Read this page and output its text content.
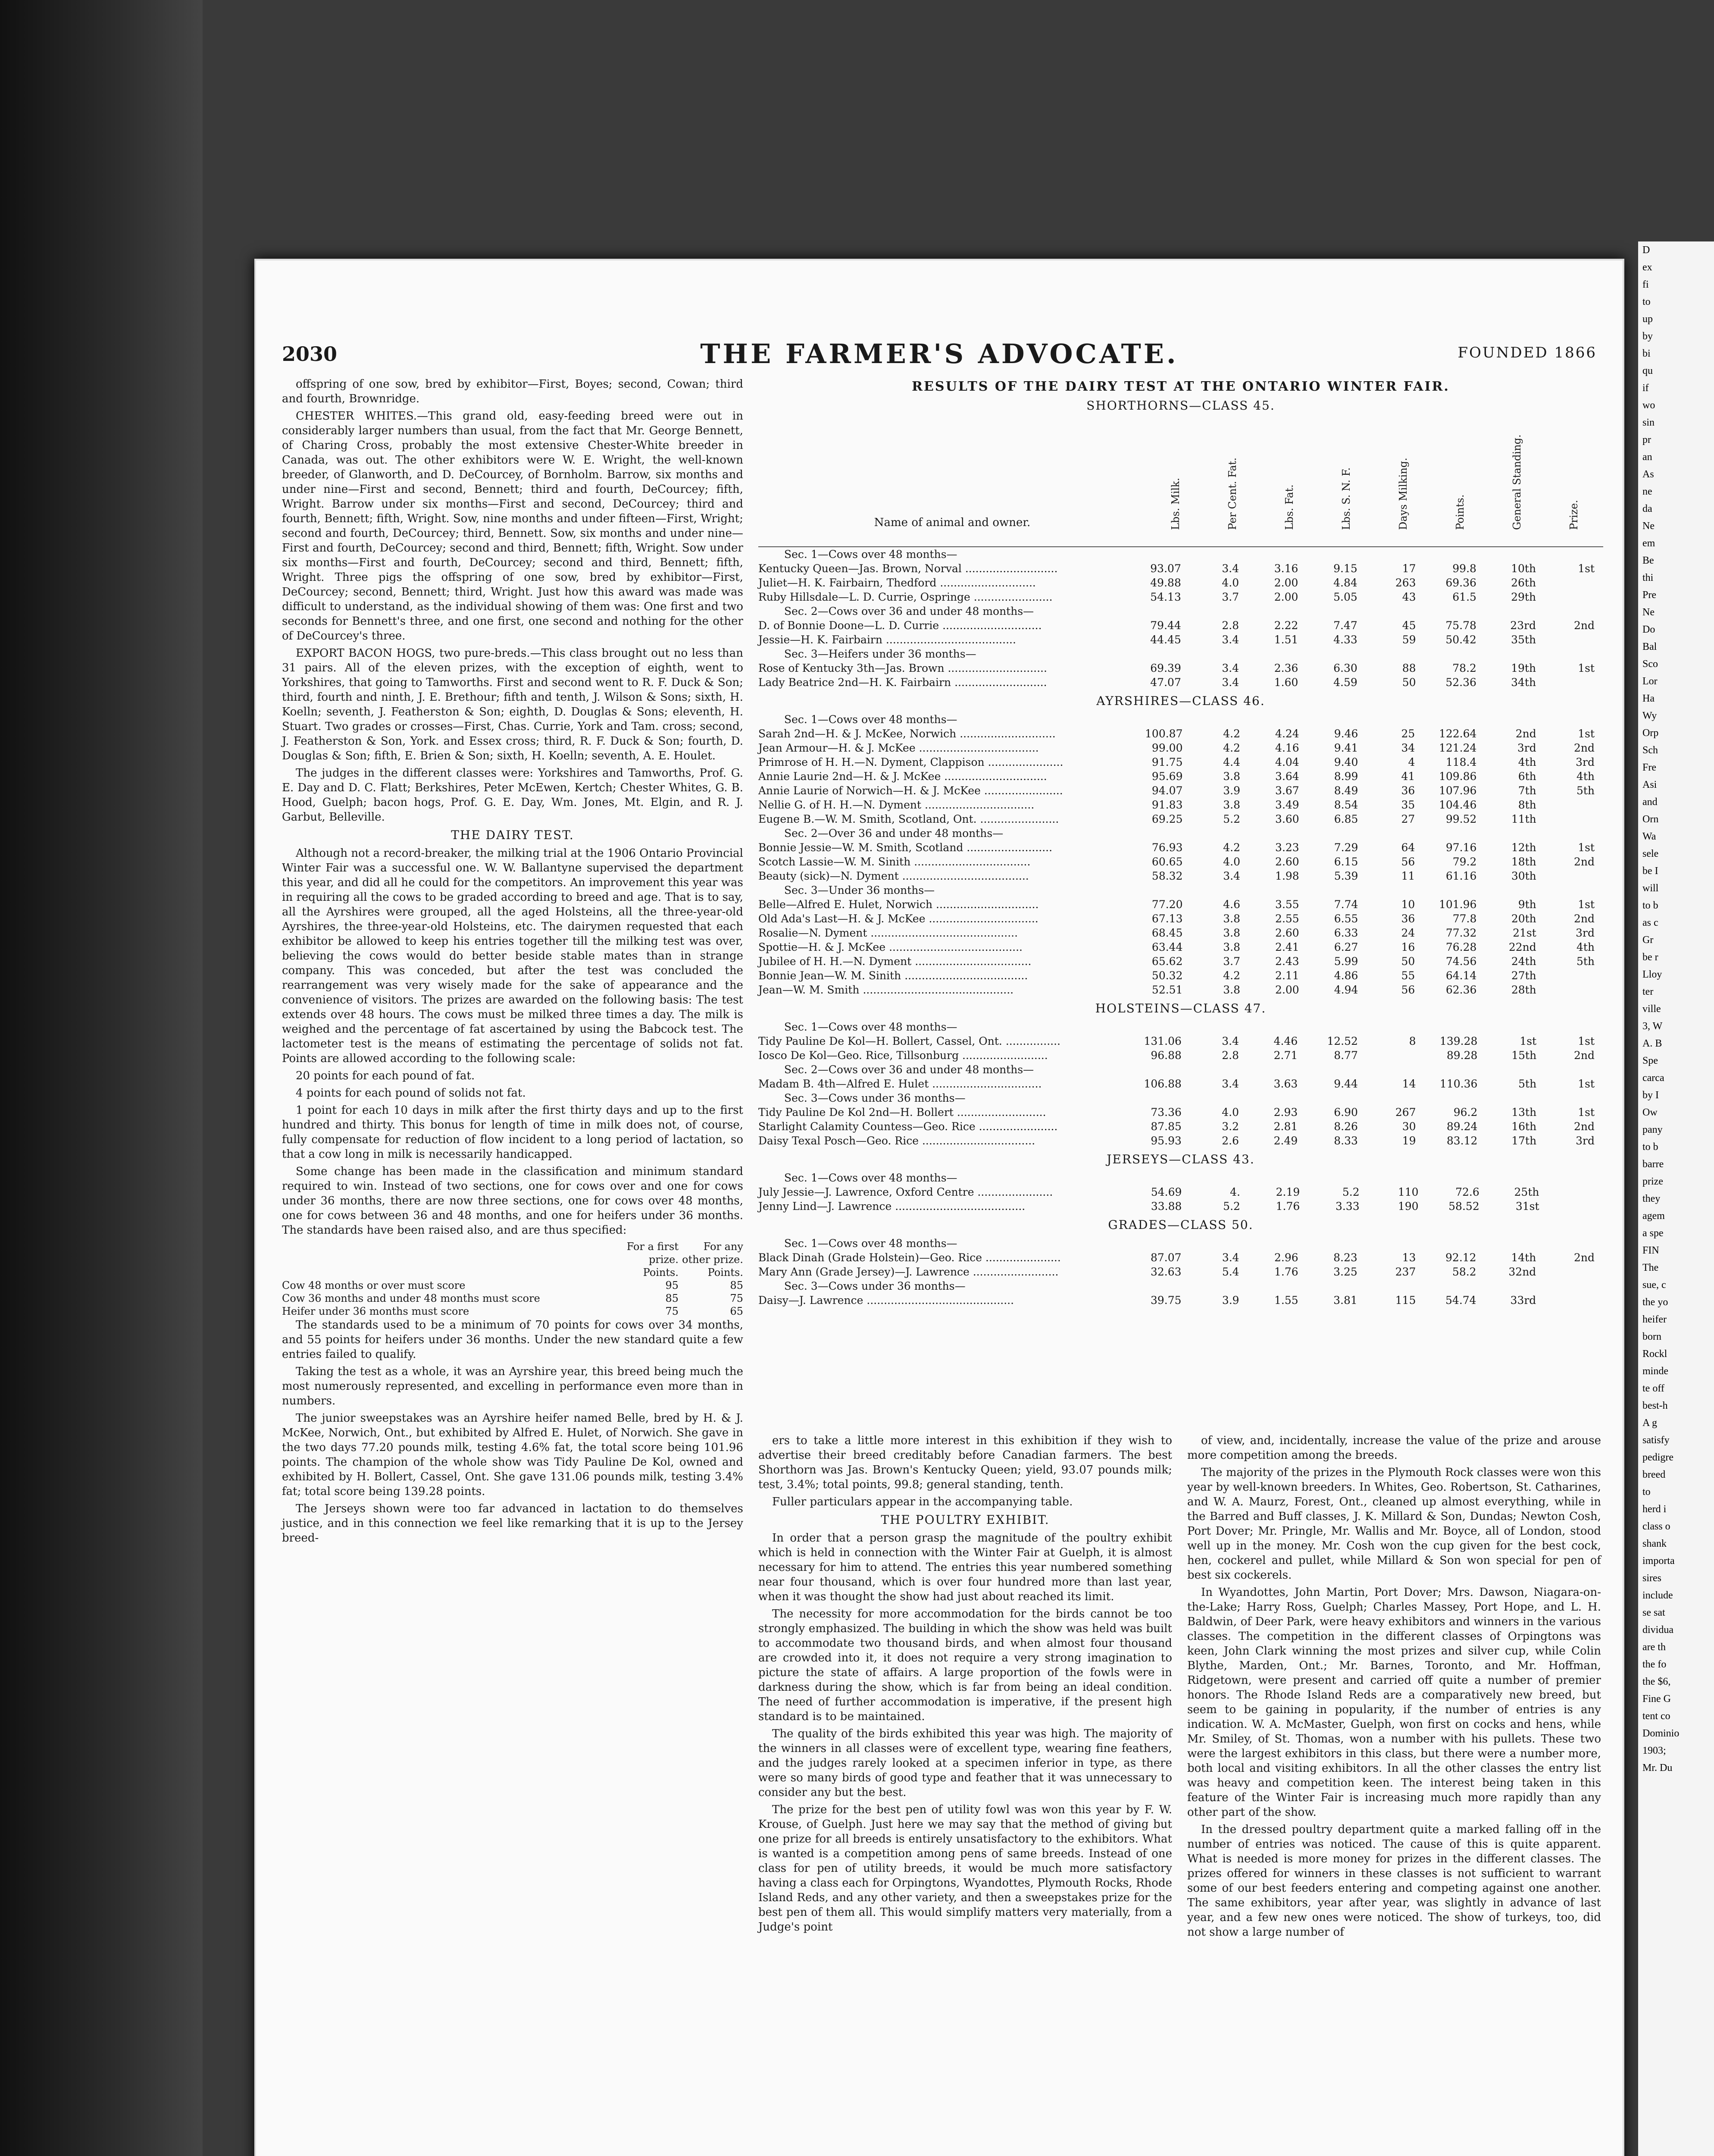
2030	THE FARMER'S ADVOCATE.	FOUNDED 1866

offspring of one sow, bred by exhibitor—First, Boyes; second, Cowan; third and fourth, Brownridge.

CHESTER WHITES.—This grand old, easy-feeding breed were out in considerably larger numbers than usual, from the fact that Mr. George Bennett, of Charing Cross, probably the most extensive Chester-White breeder in Canada, was out. The other exhibitors were W. E. Wright, the well-known breeder, of Glanworth, and D. DeCourcey, of Bornholm. Barrow, six months and under nine—First and second, Bennett; third and fourth, DeCourcey; fifth, Wright. Barrow under six months—First and second, DeCourcey; third and fourth, Bennett; fifth, Wright. Sow, nine months and under fifteen—First, Wright; second and fourth, DeCourcey; third, Bennett. Sow, six months and under nine—First and fourth, DeCourcey; second and third, Bennett; fifth, Wright. Sow under six months—First and fourth, DeCourcey; second and third, Bennett; fifth, Wright. Three pigs the offspring of one sow, bred by exhibitor—First, DeCourcey; second, Bennett; third, Wright. Just how this award was made was difficult to understand, as the individual showing of them was: One first and two seconds for Bennett's three, and one first, one second and nothing for the other of DeCourcey's three.

EXPORT BACON HOGS, two pure-breds.—This class brought out no less than 31 pairs. All of the eleven prizes, with the exception of eighth, went to Yorkshires, that going to Tamworths. First and second went to R. F. Duck & Son; third, fourth and ninth, J. E. Brethour; fifth and tenth, J. Wilson & Sons; sixth, H. Koelln; seventh, J. Featherston & Son; eighth, D. Douglas & Sons; eleventh, H. Stuart. Two grades or crosses—First, Chas. Currie, York and Tam. cross; second, J. Featherston & Son, York. and Essex cross; third, R. F. Duck & Son; fourth, D. Douglas & Son; fifth, E. Brien & Son; sixth, H. Koelln; seventh, A. E. Houlet.

The judges in the different classes were: Yorkshires and Tamworths, Prof. G. E. Day and D. C. Flatt; Berkshires, Peter McEwen, Kertch; Chester Whites, G. B. Hood, Guelph; bacon hogs, Prof. G. E. Day, Wm. Jones, Mt. Elgin, and R. J. Garbut, Belleville.

THE DAIRY TEST.

Although not a record-breaker, the milking trial at the 1906 Ontario Provincial Winter Fair was a successful one. W. W. Ballantyne supervised the department this year, and did all he could for the competitors. An improvement this year was in requiring all the cows to be graded according to breed and age. That is to say, all the Ayrshires were grouped, all the aged Holsteins, all the three-year-old Ayrshires, the three-year-old Holsteins, etc. The dairymen requested that each exhibitor be allowed to keep his entries together till the milking test was over, believing the cows would do better beside stable mates than in strange company. This was conceded, but after the test was concluded the rearrangement was very wisely made for the sake of appearance and the convenience of visitors. The prizes are awarded on the following basis: The test extends over 48 hours. The cows must be milked three times a day. The milk is weighed and the percentage of fat ascertained by using the Babcock test. The lactometer test is the means of estimating the percentage of solids not fat. Points are allowed according to the following scale:

20 points for each pound of fat.

4 points for each pound of solids not fat.

1 point for each 10 days in milk after the first thirty days and up to the first hundred and thirty. This bonus for length of time in milk does not, of course, fully compensate for reduction of flow incident to a long period of lactation, so that a cow long in milk is necessarily handicapped.

Some change has been made in the classification and minimum standard required to win. Instead of two sections, one for cows over and one for cows under 36 months, there are now three sections, one for cows over 48 months, one for cows between 36 and 48 months, and one for heifers under 36 months. The standards have been raised also, and are thus specified:

For a first prize. Points.
For any other prize. Points.
Cow 48 months or over must score	95	85
Cow 36 months and under 48 months must score	85	75
Heifer under 36 months must score	75	65

The standards used to be a minimum of 70 points for cows over 34 months, and 55 points for heifers under 36 months. Under the new standard quite a few entries failed to qualify.

Taking the test as a whole, it was an Ayrshire year, this breed being much the most numerously represented, and excelling in performance even more than in numbers.

The junior sweepstakes was an Ayrshire heifer named Belle, bred by H. & J. McKee, Norwich, Ont., but exhibited by Alfred E. Hulet, of Norwich. She gave in the two days 77.20 pounds milk, testing 4.6% fat, the total score being 101.96 points. The champion of the whole show was Tidy Pauline De Kol, owned and exhibited by H. Bollert, Cassel, Ont. She gave 131.06 pounds milk, testing 3.4% fat; total score being 139.28 points.

The Jerseys shown were too far advanced in lactation to do themselves justice, and in this connection we feel like remarking that it is up to the Jersey breed-

RESULTS OF THE DAIRY TEST AT THE ONTARIO WINTER FAIR.
SHORTHORNS—CLASS 45.
Name of animal and owner.	Lbs. Milk.	Per Cent. Fat.	Lbs. Fat.	Lbs. S. N. F.	Days Milking.	Points.	General Standing.	Prize.
Sec. 1—Cows over 48 months—								
Kentucky Queen—Jas. Brown, Norval ...........................	93.07	3.4	3.16	9.15	17	99.8	10th	1st
Juliet—H. K. Fairbairn, Thedford ............................	49.88	4.0	2.00	4.84	263	69.36	26th	
Ruby Hillsdale—L. D. Currie, Ospringe .......................	54.13	3.7	2.00	5.05	43	61.5	29th	
Sec. 2—Cows over 36 and under 48 months—								
D. of Bonnie Doone—L. D. Currie .............................	79.44	2.8	2.22	7.47	45	75.78	23rd	2nd
Jessie—H. K. Fairbairn ......................................	44.45	3.4	1.51	4.33	59	50.42	35th	
Sec. 3—Heifers under 36 months—								
Rose of Kentucky 3th—Jas. Brown .............................	69.39	3.4	2.36	6.30	88	78.2	19th	1st
Lady Beatrice 2nd—H. K. Fairbairn ...........................	47.07	3.4	1.60	4.59	50	52.36	34th	
AYRSHIRES—CLASS 46.
Sec. 1—Cows over 48 months—								
Sarah 2nd—H. & J. McKee, Norwich ............................	100.87	4.2	4.24	9.46	25	122.64	2nd	1st
Jean Armour—H. & J. McKee ...................................	99.00	4.2	4.16	9.41	34	121.24	3rd	2nd
Primrose of H. H.—N. Dyment, Clappison ......................	91.75	4.4	4.04	9.40	4	118.4	4th	3rd
Annie Laurie 2nd—H. & J. McKee ..............................	95.69	3.8	3.64	8.99	41	109.86	6th	4th
Annie Laurie of Norwich—H. & J. McKee .......................	94.07	3.9	3.67	8.49	36	107.96	7th	5th
Nellie G. of H. H.—N. Dyment ................................	91.83	3.8	3.49	8.54	35	104.46	8th	
Eugene B.—W. M. Smith, Scotland, Ont. .......................	69.25	5.2	3.60	6.85	27	99.52	11th	
Sec. 2—Over 36 and under 48 months—								
Bonnie Jessie—W. M. Smith, Scotland .........................	76.93	4.2	3.23	7.29	64	97.16	12th	1st
Scotch Lassie—W. M. Sinith ..................................	60.65	4.0	2.60	6.15	56	79.2	18th	2nd
Beauty (sick)—N. Dyment .....................................	58.32	3.4	1.98	5.39	11	61.16	30th	
Sec. 3—Under 36 months—								
Belle—Alfred E. Hulet, Norwich ..............................	77.20	4.6	3.55	7.74	10	101.96	9th	1st
Old Ada's Last—H. & J. McKee ................................	67.13	3.8	2.55	6.55	36	77.8	20th	2nd
Rosalie—N. Dyment ...........................................	68.45	3.8	2.60	6.33	24	77.32	21st	3rd
Spottie—H. & J. McKee .......................................	63.44	3.8	2.41	6.27	16	76.28	22nd	4th
Jubilee of H. H.—N. Dyment ..................................	65.62	3.7	2.43	5.99	50	74.56	24th	5th
Bonnie Jean—W. M. Sinith ....................................	50.32	4.2	2.11	4.86	55	64.14	27th	
Jean—W. M. Smith ............................................	52.51	3.8	2.00	4.94	56	62.36	28th	
HOLSTEINS—CLASS 47.
Sec. 1—Cows over 48 months—								
Tidy Pauline De Kol—H. Bollert, Cassel, Ont. ................	131.06	3.4	4.46	12.52	8	139.28	1st	1st
Iosco De Kol—Geo. Rice, Tillsonburg .........................	96.88	2.8	2.71	8.77		89.28	15th	2nd
Sec. 2—Cows over 36 and under 48 months—								
Madam B. 4th—Alfred E. Hulet ................................	106.88	3.4	3.63	9.44	14	110.36	5th	1st
Sec. 3—Cows under 36 months—								
Tidy Pauline De Kol 2nd—H. Bollert ..........................	73.36	4.0	2.93	6.90	267	96.2	13th	1st
Starlight Calamity Countess—Geo. Rice .......................	87.85	3.2	2.81	8.26	30	89.24	16th	2nd
Daisy Texal Posch—Geo. Rice .................................	95.93	2.6	2.49	8.33	19	83.12	17th	3rd
JERSEYS—CLASS 43.
Sec. 1—Cows over 48 months—								
July Jessie—J. Lawrence, Oxford Centre ......................	54.69	4.	2.19	5.2	110	72.6	25th	
Jenny Lind—J. Lawrence ......................................	33.88	5.2	1.76	3.33	190	58.52	31st	
GRADES—CLASS 50.
Sec. 1—Cows over 48 months—								
Black Dinah (Grade Holstein)—Geo. Rice ......................	87.07	3.4	2.96	8.23	13	92.12	14th	2nd
Mary Ann (Grade Jersey)—J. Lawrence .........................	32.63	5.4	1.76	3.25	237	58.2	32nd	
Sec. 3—Cows under 36 months—								
Daisy—J. Lawrence ...........................................	39.75	3.9	1.55	3.81	115	54.74	33rd	

ers to take a little more interest in this exhibition if they wish to advertise their breed creditably before Canadian farmers. The best Shorthorn was Jas. Brown's Kentucky Queen; yield, 93.07 pounds milk; test, 3.4%; total points, 99.8; general standing, tenth.

Fuller particulars appear in the accompanying table.

THE POULTRY EXHIBIT.

In order that a person grasp the magnitude of the poultry exhibit which is held in connection with the Winter Fair at Guelph, it is almost necessary for him to attend. The entries this year numbered something near four thousand, which is over four hundred more than last year, when it was thought the show had just about reached its limit.

The necessity for more accommodation for the birds cannot be too strongly emphasized. The building in which the show was held was built to accommodate two thousand birds, and when almost four thousand are crowded into it, it does not require a very strong imagination to picture the state of affairs. A large proportion of the fowls were in darkness during the show, which is far from being an ideal condition. The need of further accommodation is imperative, if the present high standard is to be maintained.

The quality of the birds exhibited this year was high. The majority of the winners in all classes were of excellent type, wearing fine feathers, and the judges rarely looked at a specimen inferior in type, as there were so many birds of good type and feather that it was unnecessary to consider any but the best.

The prize for the best pen of utility fowl was won this year by F. W. Krouse, of Guelph. Just here we may say that the method of giving but one prize for all breeds is entirely unsatisfactory to the exhibitors. What is wanted is a competition among pens of same breeds. Instead of one class for pen of utility breeds, it would be much more satisfactory having a class each for Orpingtons, Wyandottes, Plymouth Rocks, Rhode Island Reds, and any other variety, and then a sweepstakes prize for the best pen of them all. This would simplify matters very materially, from a Judge's point

of view, and, incidentally, increase the value of the prize and arouse more competition among the breeds.

The majority of the prizes in the Plymouth Rock classes were won this year by well-known breeders. In Whites, Geo. Robertson, St. Catharines, and W. A. Maurz, Forest, Ont., cleaned up almost everything, while in the Barred and Buff classes, J. K. Millard & Son, Dundas; Newton Cosh, Port Dover; Mr. Pringle, Mr. Wallis and Mr. Boyce, all of London, stood well up in the money. Mr. Cosh won the cup given for the best cock, hen, cockerel and pullet, while Millard & Son won special for pen of best six cockerels.

In Wyandottes, John Martin, Port Dover; Mrs. Dawson, Niagara-on-the-Lake; Harry Ross, Guelph; Charles Massey, Port Hope, and L. H. Baldwin, of Deer Park, were heavy exhibitors and winners in the various classes. The competition in the different classes of Orpingtons was keen, John Clark winning the most prizes and silver cup, while Colin Blythe, Marden, Ont.; Mr. Barnes, Toronto, and Mr. Hoffman, Ridgetown, were present and carried off quite a number of premier honors. The Rhode Island Reds are a comparatively new breed, but seem to be gaining in popularity, if the number of entries is any indication. W. A. McMaster, Guelph, won first on cocks and hens, while Mr. Smiley, of St. Thomas, won a number with his pullets. These two were the largest exhibitors in this class, but there were a number more, both local and visiting exhibitors. In all the other classes the entry list was heavy and competition keen. The interest being taken in this feature of the Winter Fair is increasing much more rapidly than any other part of the show.

In the dressed poultry department quite a marked falling off in the number of entries was noticed. The cause of this is quite apparent. What is needed is more money for prizes in the different classes. The prizes offered for winners in these classes is not sufficient to warrant some of our best feeders entering and competing against one another. The same exhibitors, year after year, was slightly in advance of last year, and a few new ones were noticed. The show of turkeys, too, did not show a large number of

D
ex
fi
to
up
by
bi
qu
if
wo
sin
pr
an
As
ne
da
Ne
em
Be
thi
Pre
Ne
Do
Bal
Sco
Lor
Ha
Wy
Orp
Sch
Fre
Asi
and
Orn
Wa
sele
be I
will
to b
as c
Gr
be r
Lloy
ter
ville
3, W
A. B
Spe
carca
by I
Ow
pany
to b
barre
prize
they
agem
a spe
FIN
The
sue, c
the yo
heifer
born
Rockl
minde
te off
best-h
A g
satisfy
pedigre
breed
to
herd i
class o
shank
importa
sires
include
se sat
dividua
are th
the fo
the $6,
Fine G
tent co
Dominio
1903;
Mr. Du
